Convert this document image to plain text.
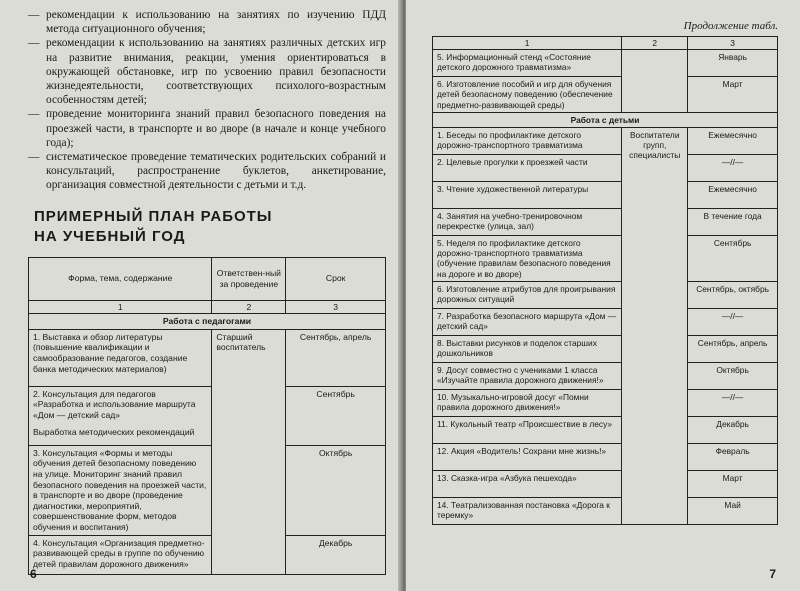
— рекомендации к использованию на занятиях по изучению ПДД метода ситуационного обучения;
— рекомендации к использованию на занятиях различных детских игр на развитие внимания, реакции, умения ориентироваться в окружающей обстановке, игр по усвоению правил безопасности жизнедеятельности, соответствующих психолого-возрастным особенностям детей;
— проведение мониторинга знаний правил безопасного поведения на проезжей части, в транспорте и во дворе (в начале и конце учебного года);
— систематическое проведение тематических родительских собраний и консультаций, распространение буклетов, анкетирование, организация совместной деятельности с детьми и т.д.
ПРИМЕРНЫЙ ПЛАН РАБОТЫ
НА УЧЕБНЫЙ ГОД
Форма, тема, содержание	Ответствен-ный за проведение	Срок
1	2	3
Работа с педагогами		
1. Выставка и обзор литературы (повышение квалификации и самообразование педагогов, создание банка методических материалов)	Старший воспитатель	Сентябрь, апрель

2. Консультация для педагогов «Разработка и использование маршрута «Дом — детский сад»
Выработка методических рекомендаций		Сентябрь
3. Консультация «Формы и методы обучения детей безопасному поведению на улице. Мониторинг знаний правил безопасного поведения на проезжей части, в транспорте и во дворе (проведение диагностики, мероприятий, совершенствование форм, методов обучения и воспитания)		Октябрь
4. Консультация «Организация предметно-развивающей среды в группе по обучению детей правилам дорожного движения»		Декабрь
6
Продолжение табл.
1	2	3
5. Информационный стенд «Состояние детского дорожного травматизма»		Январь
6. Изготовление пособий и игр для обучения детей безопасному поведению (обеспечение предметно-развивающей среды)		Март
Работа с детьми		
1. Беседы по профилактике детского дорожно-транспортного травматизма	Воспитатели групп, специалисты	Ежемесячно
2. Целевые прогулки к проезжей части		—//—
3. Чтение художественной литературы		Ежемесячно
4. Занятия на учебно-тренировочном перекрестке (улица, зал)		В течение года
5. Неделя по профилактике детского дорожно-транспортного травматизма (обучение правилам безопасного поведения на дороге и во дворе)		Сентябрь
6. Изготовление атрибутов для проигрывания дорожных ситуаций		Сентябрь, октябрь
7. Разработка безопасного маршрута «Дом — детский сад»		—//—
8. Выставки рисунков и поделок старших дошкольников		Сентябрь, апрель
9. Досуг совместно с учениками 1 класса «Изучайте правила дорожного движения!»		Октябрь
10. Музыкально-игровой досуг «Помни правила дорожного движения!»		—//—
11. Кукольный театр «Происшествие в лесу»		Декабрь
12. Акция «Водитель! Сохрани мне жизнь!»		Февраль
13. Сказка-игра «Азбука пешехода»		Март
14. Театрализованная постановка «Дорога к теремку»		Май
7
